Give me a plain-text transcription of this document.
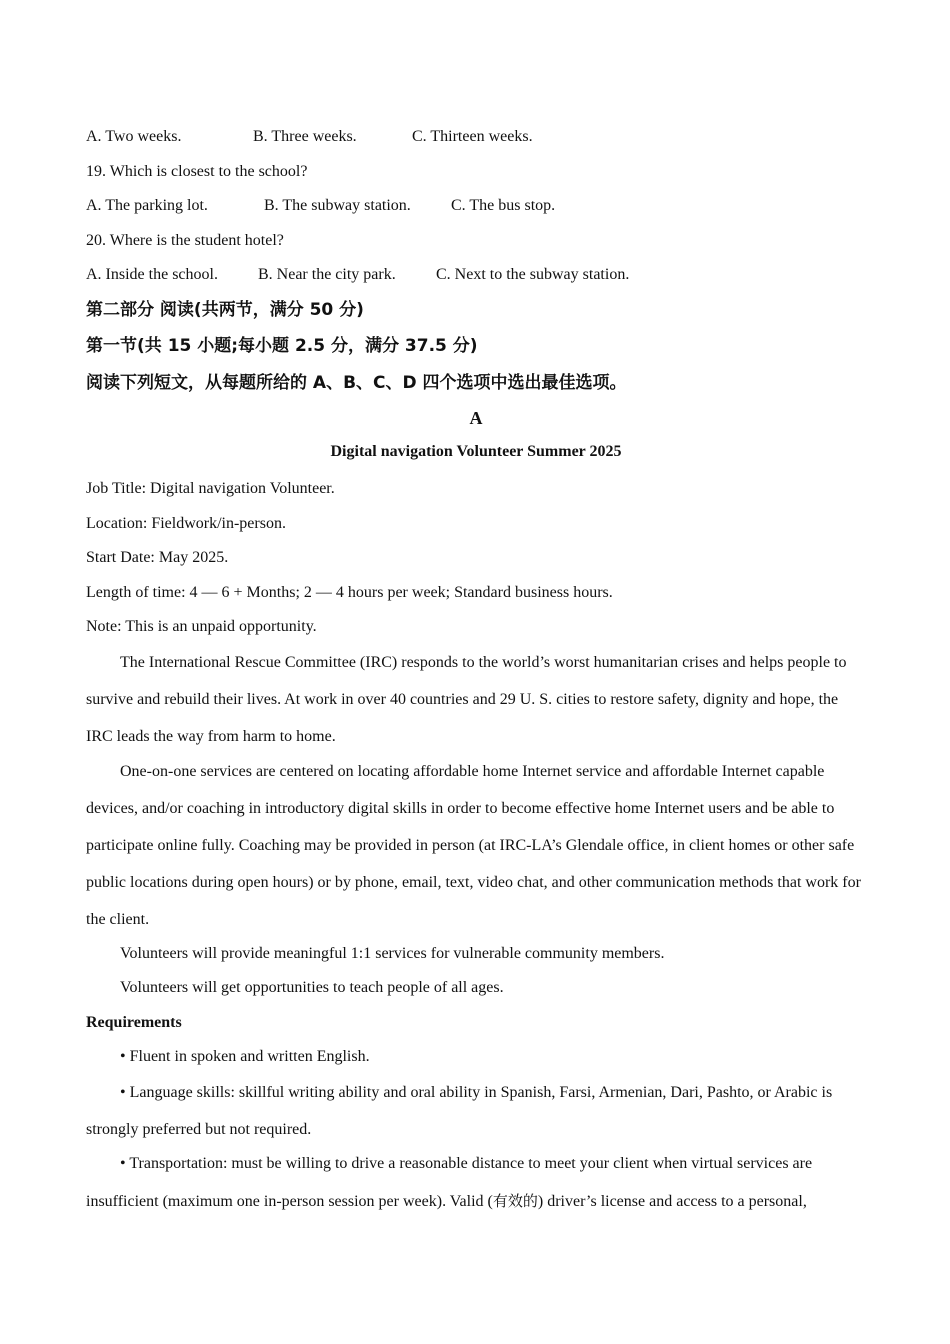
A. Two weeks.	B. Three weeks.	C. Thirteen weeks.
19. Which is closest to the school?
A. The parking lot.	B. The subway station.	C. The bus stop.
20. Where is the student hotel?
A. Inside the school.	B. Near the city park.	C. Next to the subway station.
第二部分 阅读(共两节，满分 50 分)
第一节(共 15 小题;每小题 2.5 分，满分 37.5 分)
阅读下列短文，从每题所给的 A、B、C、D 四个选项中选出最佳选项。
A
Digital navigation Volunteer Summer 2025
Job Title: Digital navigation Volunteer.
Location: Fieldwork/in-person.
Start Date: May 2025.
Length of time: 4 — 6 + Months; 2 — 4 hours per week; Standard business hours.
Note: This is an unpaid opportunity.
The International Rescue Committee (IRC) responds to the world’s worst humanitarian crises and helps people to survive and rebuild their lives. At work in over 40 countries and 29 U. S. cities to restore safety, dignity and hope, the IRC leads the way from harm to home.
One-on-one services are centered on locating affordable home Internet service and affordable Internet capable devices, and/or coaching in introductory digital skills in order to become effective home Internet users and be able to participate online fully. Coaching may be provided in person (at IRC-LA’s Glendale office, in client homes or other safe public locations during open hours) or by phone, email, text, video chat, and other communication methods that work for the client.
Volunteers will provide meaningful 1:1 services for vulnerable community members.
Volunteers will get opportunities to teach people of all ages.
Requirements
• Fluent in spoken and written English.
• Language skills: skillful writing ability and oral ability in Spanish, Farsi, Armenian, Dari, Pashto, or Arabic is strongly preferred but not required.
• Transportation: must be willing to drive a reasonable distance to meet your client when virtual services are insufficient (maximum one in-person session per week). Valid (有效的) driver’s license and access to a personal,
